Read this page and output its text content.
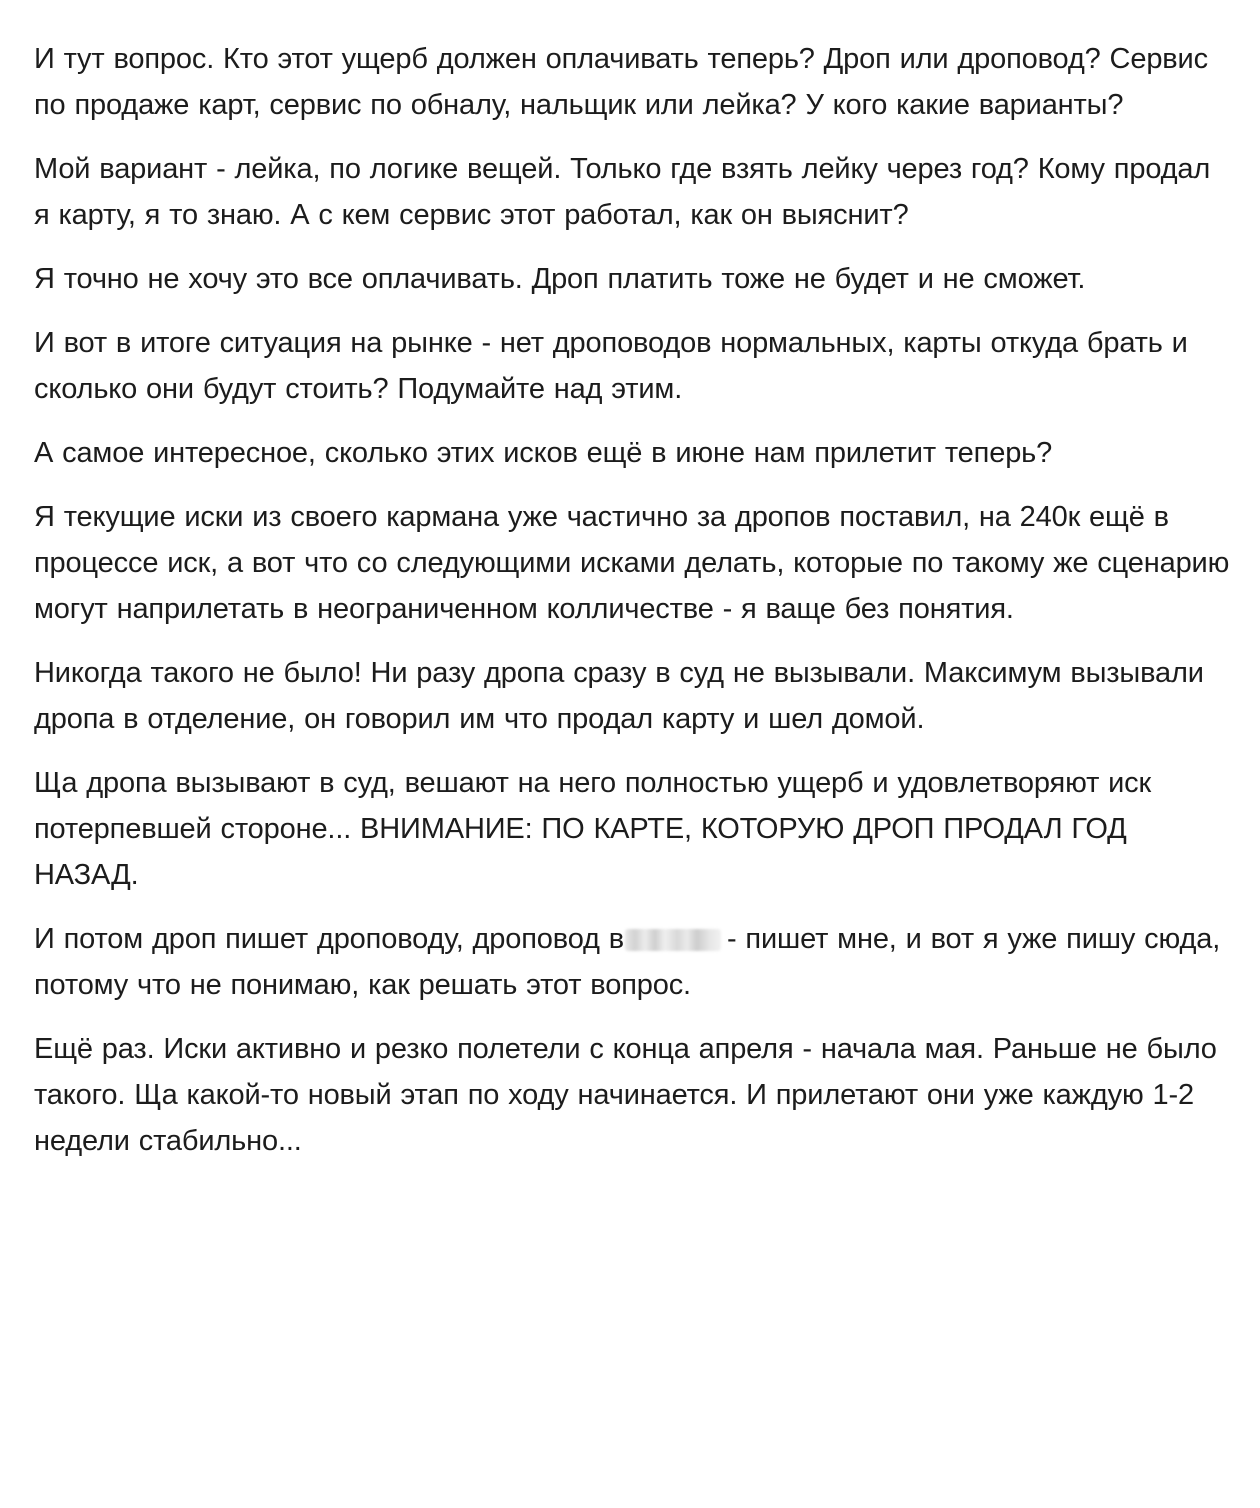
И тут вопрос. Кто этот ущерб должен оплачивать теперь? Дроп или дроповод? Сервис по продаже карт, сервис по обналу, нальщик или лейка? У кого какие варианты?

Мой вариант - лейка, по логике вещей. Только где взять лейку через год? Кому продал я карту, я то знаю. А с кем сервис этот работал, как он выяснит?

Я точно не хочу это все оплачивать. Дроп платить тоже не будет и не сможет.

И вот в итоге ситуация на рынке - нет дроповодов нормальных, карты откуда брать и сколько они будут стоить? Подумайте над этим.

А самое интересное, сколько этих исков ещё в июне нам прилетит теперь?

Я текущие иски из своего кармана уже частично за дропов поставил, на 240к ещё в процессе иск, а вот что со следующими исками делать, которые по такому же сценарию могут наприлетать в неограниченном колличестве - я ваще без понятия.

Никогда такого не было! Ни разу дропа сразу в суд не вызывали. Максимум вызывали дропа в отделение, он говорил им что продал карту и шел домой.

Ща дропа вызывают в суд, вешают на него полностью ущерб и удовлетворяют иск потерпевшей стороне... ВНИМАНИЕ: ПО КАРТЕ, КОТОРУЮ ДРОП ПРОДАЛ ГОД НАЗАД.

И потом дроп пишет дроповоду, дроповод в	- пишет мне, и вот я уже пишу сюда, потому что не понимаю, как решать этот вопрос.

Ещё раз. Иски активно и резко полетели с конца апреля - начала мая. Раньше не было такого. Ща какой-то новый этап по ходу начинается. И прилетают они уже каждую 1-2 недели стабильно...
